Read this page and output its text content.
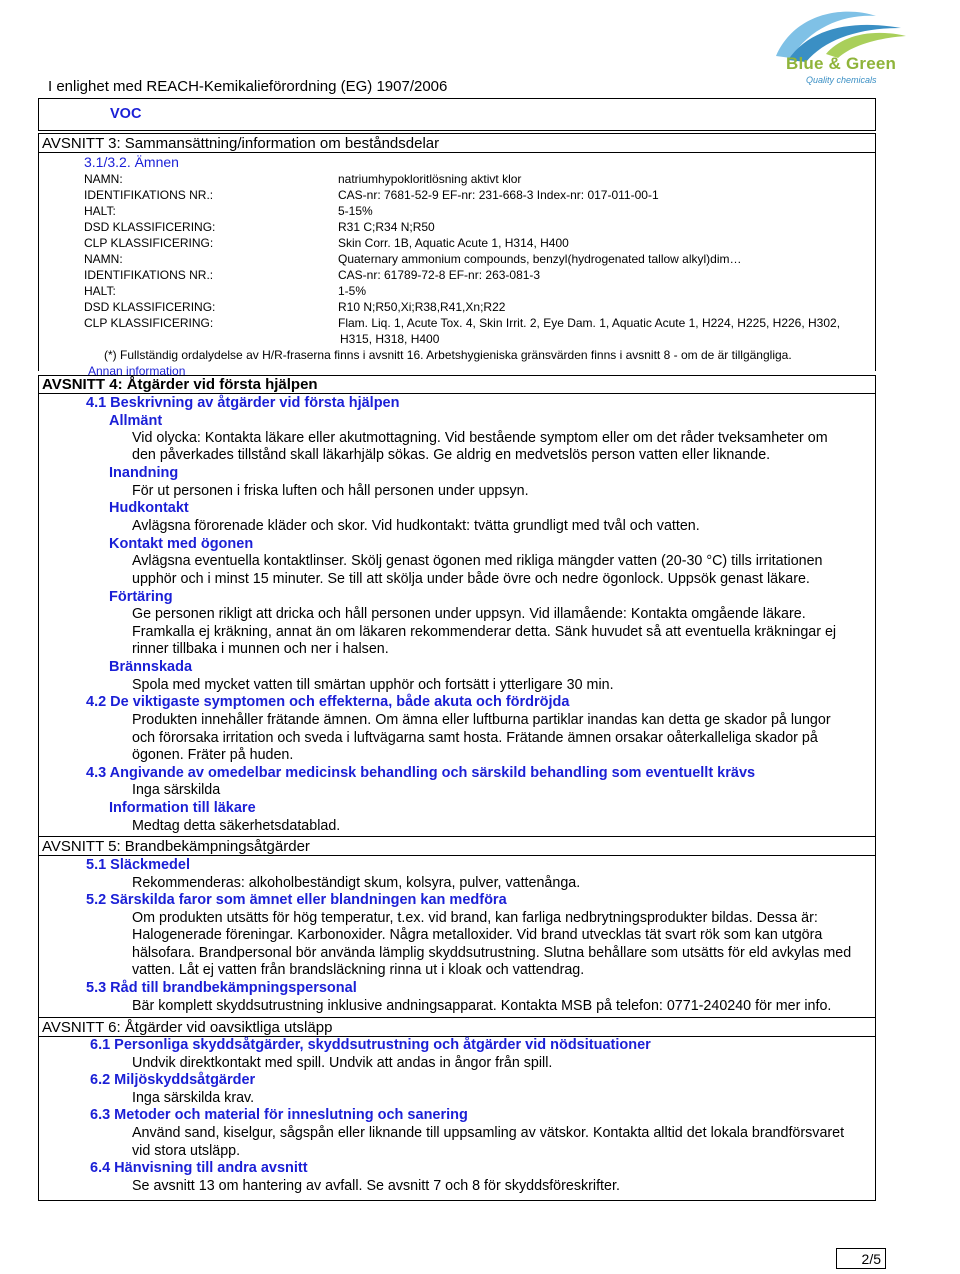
I enlighet med REACH-Kemikalieförordning (EG) 1907/2006
Blue & Green
Quality chemicals
VOC
AVSNITT 3: Sammansättning/information om beståndsdelar
3.1/3.2. Ämnen
NAMN:	natriumhypokloritlösning aktivt klor
IDENTIFIKATIONS NR.:	CAS-nr: 7681-52-9 EF-nr: 231-668-3 Index-nr: 017-011-00-1
HALT:	5-15%
DSD KLASSIFICERING:	R31 C;R34 N;R50
CLP KLASSIFICERING:	Skin Corr. 1B, Aquatic Acute 1, H314, H400
NAMN:	Quaternary ammonium compounds, benzyl(hydrogenated tallow alkyl)dim…
IDENTIFIKATIONS NR.:	CAS-nr: 61789-72-8 EF-nr: 263-081-3
HALT:	1-5%
DSD KLASSIFICERING:	R10 N;R50,Xi;R38,R41,Xn;R22
CLP KLASSIFICERING:	Flam. Liq. 1, Acute Tox. 4, Skin Irrit. 2, Eye Dam. 1, Aquatic Acute 1, H224, H225, H226, H302,
H315, H318, H400
(*) Fullständig ordalydelse av H/R-fraserna finns i avsnitt 16. Arbetshygieniska gränsvärden finns i avsnitt 8 - om de är tillgängliga.
Annan information
AVSNITT 4: Åtgärder vid första hjälpen
4.1 Beskrivning av åtgärder vid första hjälpen
Allmänt
Vid olycka: Kontakta läkare eller akutmottagning. Vid bestående symptom eller om det råder tveksamheter om
den påverkades tillstånd skall läkarhjälp sökas. Ge aldrig en medvetslös person vatten eller liknande.
Inandning
För ut personen i friska luften och håll personen under uppsyn.
Hudkontakt
Avlägsna förorenade kläder och skor. Vid hudkontakt: tvätta grundligt med tvål och vatten.
Kontakt med ögonen
Avlägsna eventuella kontaktlinser. Skölj genast ögonen med rikliga mängder vatten (20-30 °C) tills irritationen
upphör och i minst 15 minuter. Se till att skölja under både övre och nedre ögonlock. Uppsök genast läkare.
Förtäring
Ge personen rikligt att dricka och håll personen under uppsyn. Vid illamående: Kontakta omgående läkare.
Framkalla ej kräkning, annat än om läkaren rekommenderar detta. Sänk huvudet så att eventuella kräkningar ej
rinner tillbaka i munnen och ner i halsen.
Brännskada
Spola med mycket vatten till smärtan upphör och fortsätt i ytterligare 30 min.
4.2 De viktigaste symptomen och effekterna, både akuta och fördröjda
Produkten innehåller frätande ämnen. Om ämna eller luftburna partiklar inandas kan detta ge skador på lungor
och förorsaka irritation och sveda i luftvägarna samt hosta. Frätande ämnen orsakar oåterkalleliga skador på
ögonen. Fräter på huden.
4.3 Angivande av omedelbar medicinsk behandling och särskild behandling som eventuellt krävs
Inga särskilda
Information till läkare
Medtag detta säkerhetsdatablad.
AVSNITT 5: Brandbekämpningsåtgärder
5.1 Släckmedel
Rekommenderas: alkoholbeständigt skum, kolsyra, pulver, vattenånga.
5.2 Särskilda faror som ämnet eller blandningen kan medföra
Om produkten utsätts för hög temperatur, t.ex. vid brand, kan farliga nedbrytningsprodukter bildas. Dessa är:
Halogenerade föreningar. Karbonoxider. Några metalloxider. Vid brand utvecklas tät svart rök som kan utgöra
hälsofara. Brandpersonal bör använda lämplig skyddsutrustning. Slutna behållare som utsätts för eld avkylas med
vatten. Låt ej vatten från brandsläckning rinna ut i kloak och vattendrag.
5.3 Råd till brandbekämpningspersonal
Bär komplett skyddsutrustning inklusive andningsapparat. Kontakta MSB på telefon: 0771-240240 för mer info.
AVSNITT 6: Åtgärder vid oavsiktliga utsläpp
6.1 Personliga skyddsåtgärder, skyddsutrustning och åtgärder vid nödsituationer
Undvik direktkontakt med spill. Undvik att andas in ångor från spill.
6.2 Miljöskyddsåtgärder
Inga särskilda krav.
6.3 Metoder och material för inneslutning och sanering
Använd sand, kiselgur, sågspån eller liknande till uppsamling av vätskor. Kontakta alltid det lokala brandförsvaret
vid stora utsläpp.
6.4 Hänvisning till andra avsnitt
Se avsnitt 13 om hantering av avfall. Se avsnitt 7 och 8 för skyddsföreskrifter.
2/5
